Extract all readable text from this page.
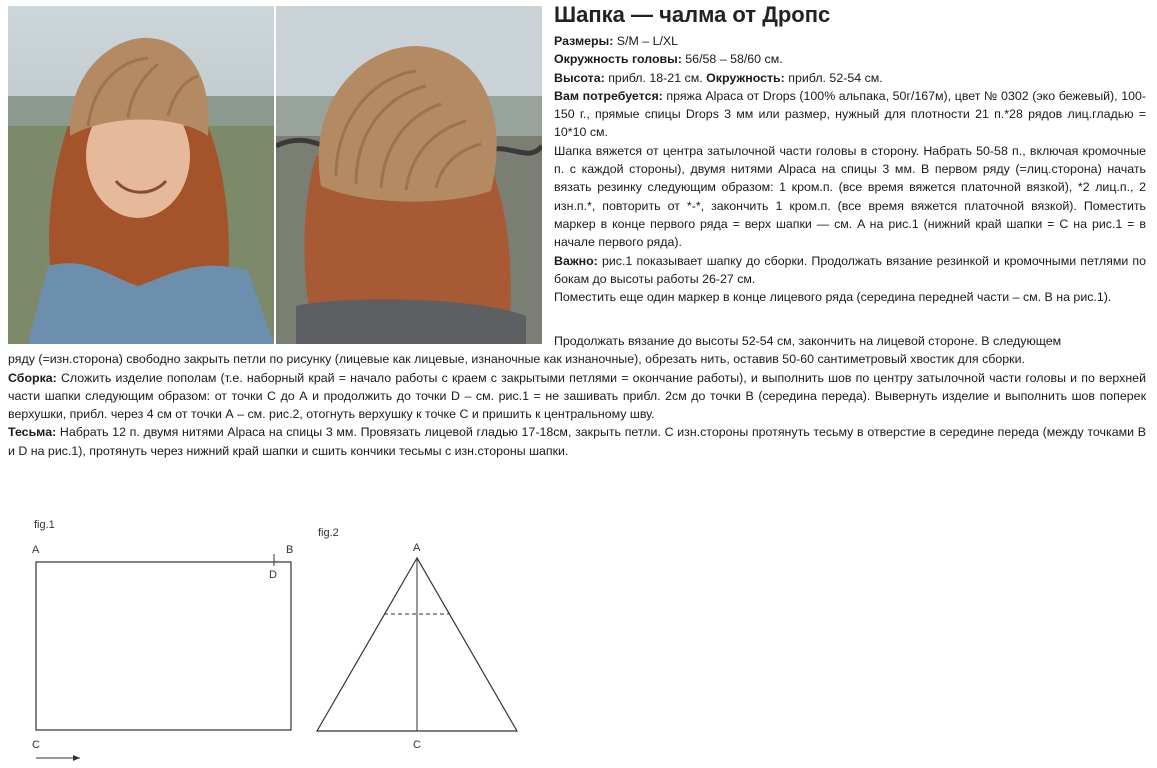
Шапка — чалма от Дропс

Размеры: S/M – L/XL

Окружность головы: 56/58 – 58/60 см.

Высота: прибл. 18-21 см. Окружность: прибл. 52-54 см.

Вам потребуется: пряжа Alpaca от Drops (100% альпака, 50г/167м), цвет № 0302 (эко бежевый), 100-150 г., прямые спицы Drops 3 мм или размер, нужный для плотности 21 п.*28 рядов лиц.гладью = 10*10 см.

Шапка вяжется от центра затылочной части головы в сторону. Набрать 50-58 п., включая кромочные п. с каждой стороны), двумя нитями Alpaca на спицы 3 мм. В первом ряду (=лиц.сторона) начать вязать резинку следующим образом: 1 кром.п. (все время вяжется платочной вязкой), *2 лиц.п., 2 изн.п.*, повторить от *-*, закончить 1 кром.п. (все время вяжется платочной вязкой). Поместить маркер в конце первого ряда = верх шапки — см. A на рис.1 (нижний край шапки = C на рис.1 = в начале первого ряда).

Важно: рис.1 показывает шапку до сборки. Продолжать вязание резинкой и кромочными петлями по бокам до высоты работы 26-27 см.

Поместить еще один маркер в конце лицевого ряда (середина передней части – см. В на рис.1).

Продолжать вязание до высоты 52-54 см, закончить на лицевой стороне. В следующем

ряду (=изн.сторона) свободно закрыть петли по рисунку (лицевые как лицевые, изнаночные как изнаночные), обрезать нить, оставив 50-60 сантиметровый хвостик для сборки.

Сборка: Сложить изделие пополам (т.е. наборный край = начало работы с краем с закрытыми петлями = окончание работы), и выполнить шов по центру затылочной части головы и по верхней части шапки следующим образом: от точки С до А и продолжить до точки D – см. рис.1 = не зашивать прибл. 2см до точки В (середина переда). Вывернуть изделие и выполнить шов поперек верхушки, прибл. через 4 см от точки А – см. рис.2, отогнуть верхушку к точке С и пришить к центральному шву.

Тесьма: Набрать 12 п. двумя нитями Alpaca на спицы 3 мм. Провязать лицевой гладью 17-18см, закрыть петли. С изн.стороны протянуть тесьму в отверстие в середине переда (между точками B и D на рис.1), протянуть через нижний край шапки и сшить кончики тесьмы с изн.стороны шапки.

fig.1
A	B
D
C
fig.2
A
C
